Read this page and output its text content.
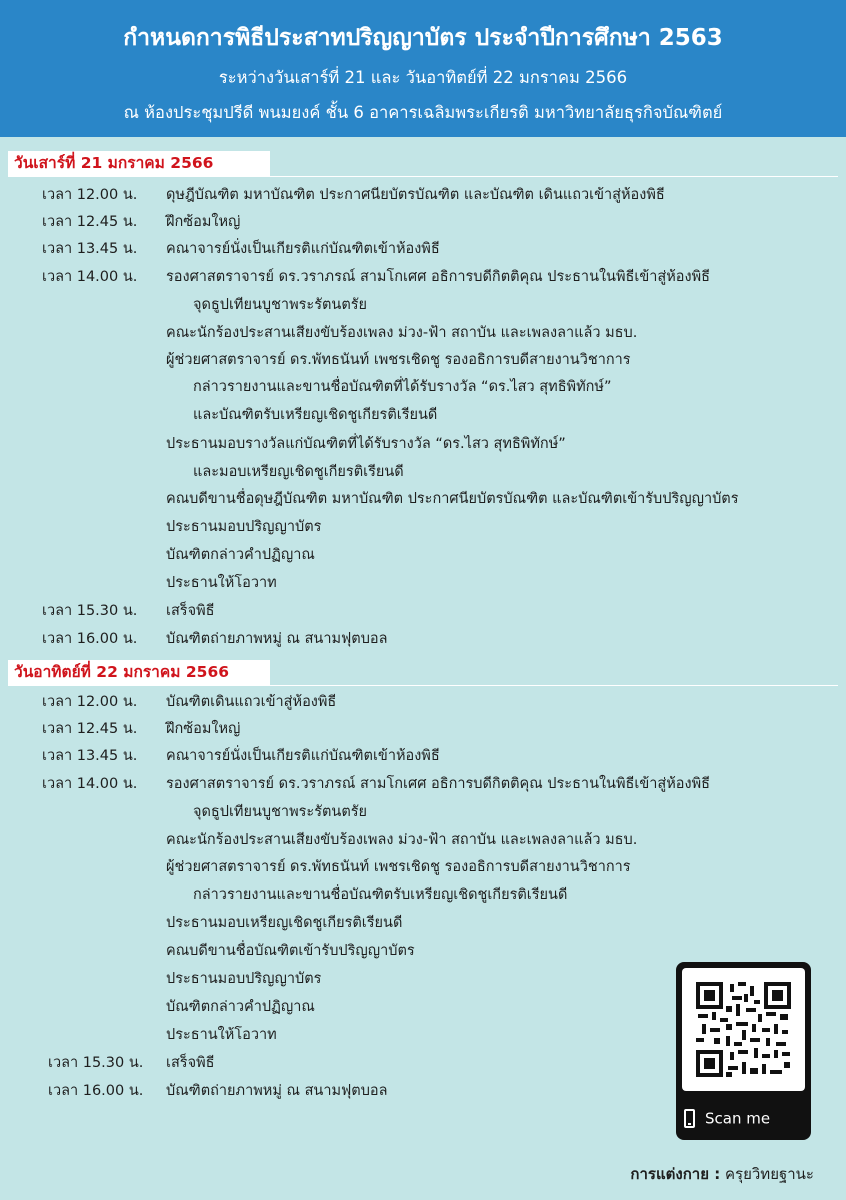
กำหนดการพิธีประสาทปริญญาบัตร ประจำปีการศึกษา 2563
ระหว่างวันเสาร์ที่ 21 และ วันอาทิตย์ที่ 22 มกราคม 2566
ณ ห้องประชุมปรีดี พนมยงค์ ชั้น 6 อาคารเฉลิมพระเกียรติ มหาวิทยาลัยธุรกิจบัณฑิตย์
วันเสาร์ที่ 21 มกราคม 2566
เวลา 12.00 น. ดุษฎีบัณฑิต มหาบัณฑิต ประกาศนียบัตรบัณฑิต และบัณฑิต เดินแถวเข้าสู่ห้องพิธี
เวลา 12.45 น. ฝึกซ้อมใหญ่
เวลา 13.45 น. คณาจารย์นั่งเป็นเกียรติแก่บัณฑิตเข้าห้องพิธี
เวลา 14.00 น. รองศาสตราจารย์ ดร.วราภรณ์ สามโกเศศ อธิการบดีกิตติคุณ ประธานในพิธีเข้าสู่ห้องพิธี
จุดธูปเทียนบูชาพระรัตนตรัย
คณะนักร้องประสานเสียงขับร้องเพลง ม่วง-ฟ้า สถาบัน และเพลงลาแล้ว มธบ.
ผู้ช่วยศาสตราจารย์ ดร.พัทธนันท์ เพชรเชิดชู รองอธิการบดีสายงานวิชาการ
กล่าวรายงานและขานชื่อบัณฑิตที่ได้รับรางวัล “ดร.ไสว สุทธิพิทักษ์”
และบัณฑิตรับเหรียญเชิดชูเกียรติเรียนดี
ประธานมอบรางวัลแก่บัณฑิตที่ได้รับรางวัล “ดร.ไสว สุทธิพิทักษ์”
และมอบเหรียญเชิดชูเกียรติเรียนดี
คณบดีขานชื่อดุษฎีบัณฑิต มหาบัณฑิต ประกาศนียบัตรบัณฑิต และบัณฑิตเข้ารับปริญญาบัตร
ประธานมอบปริญญาบัตร
บัณฑิตกล่าวคำปฏิญาณ
ประธานให้โอวาท
เวลา 15.30 น. เสร็จพิธี
เวลา 16.00 น. บัณฑิตถ่ายภาพหมู่ ณ สนามฟุตบอล
วันอาทิตย์ที่ 22 มกราคม 2566
เวลา 12.00 น. บัณฑิตเดินแถวเข้าสู่ห้องพิธี
เวลา 12.45 น. ฝึกซ้อมใหญ่
เวลา 13.45 น. คณาจารย์นั่งเป็นเกียรติแก่บัณฑิตเข้าห้องพิธี
เวลา 14.00 น. รองศาสตราจารย์ ดร.วราภรณ์ สามโกเศศ อธิการบดีกิตติคุณ ประธานในพิธีเข้าสู่ห้องพิธี
จุดธูปเทียนบูชาพระรัตนตรัย
คณะนักร้องประสานเสียงขับร้องเพลง ม่วง-ฟ้า สถาบัน และเพลงลาแล้ว มธบ.
ผู้ช่วยศาสตราจารย์ ดร.พัทธนันท์ เพชรเชิดชู รองอธิการบดีสายงานวิชาการ
กล่าวรายงานและขานชื่อบัณฑิตรับเหรียญเชิดชูเกียรติเรียนดี
ประธานมอบเหรียญเชิดชูเกียรติเรียนดี
คณบดีขานชื่อบัณฑิตเข้ารับปริญญาบัตร
ประธานมอบปริญญาบัตร
บัณฑิตกล่าวคำปฏิญาณ
ประธานให้โอวาท
เวลา 15.30 น. เสร็จพิธี
เวลา 16.00 น. บัณฑิตถ่ายภาพหมู่ ณ สนามฟุตบอล
Scan me
การแต่งกาย : ครุยวิทยฐานะ
